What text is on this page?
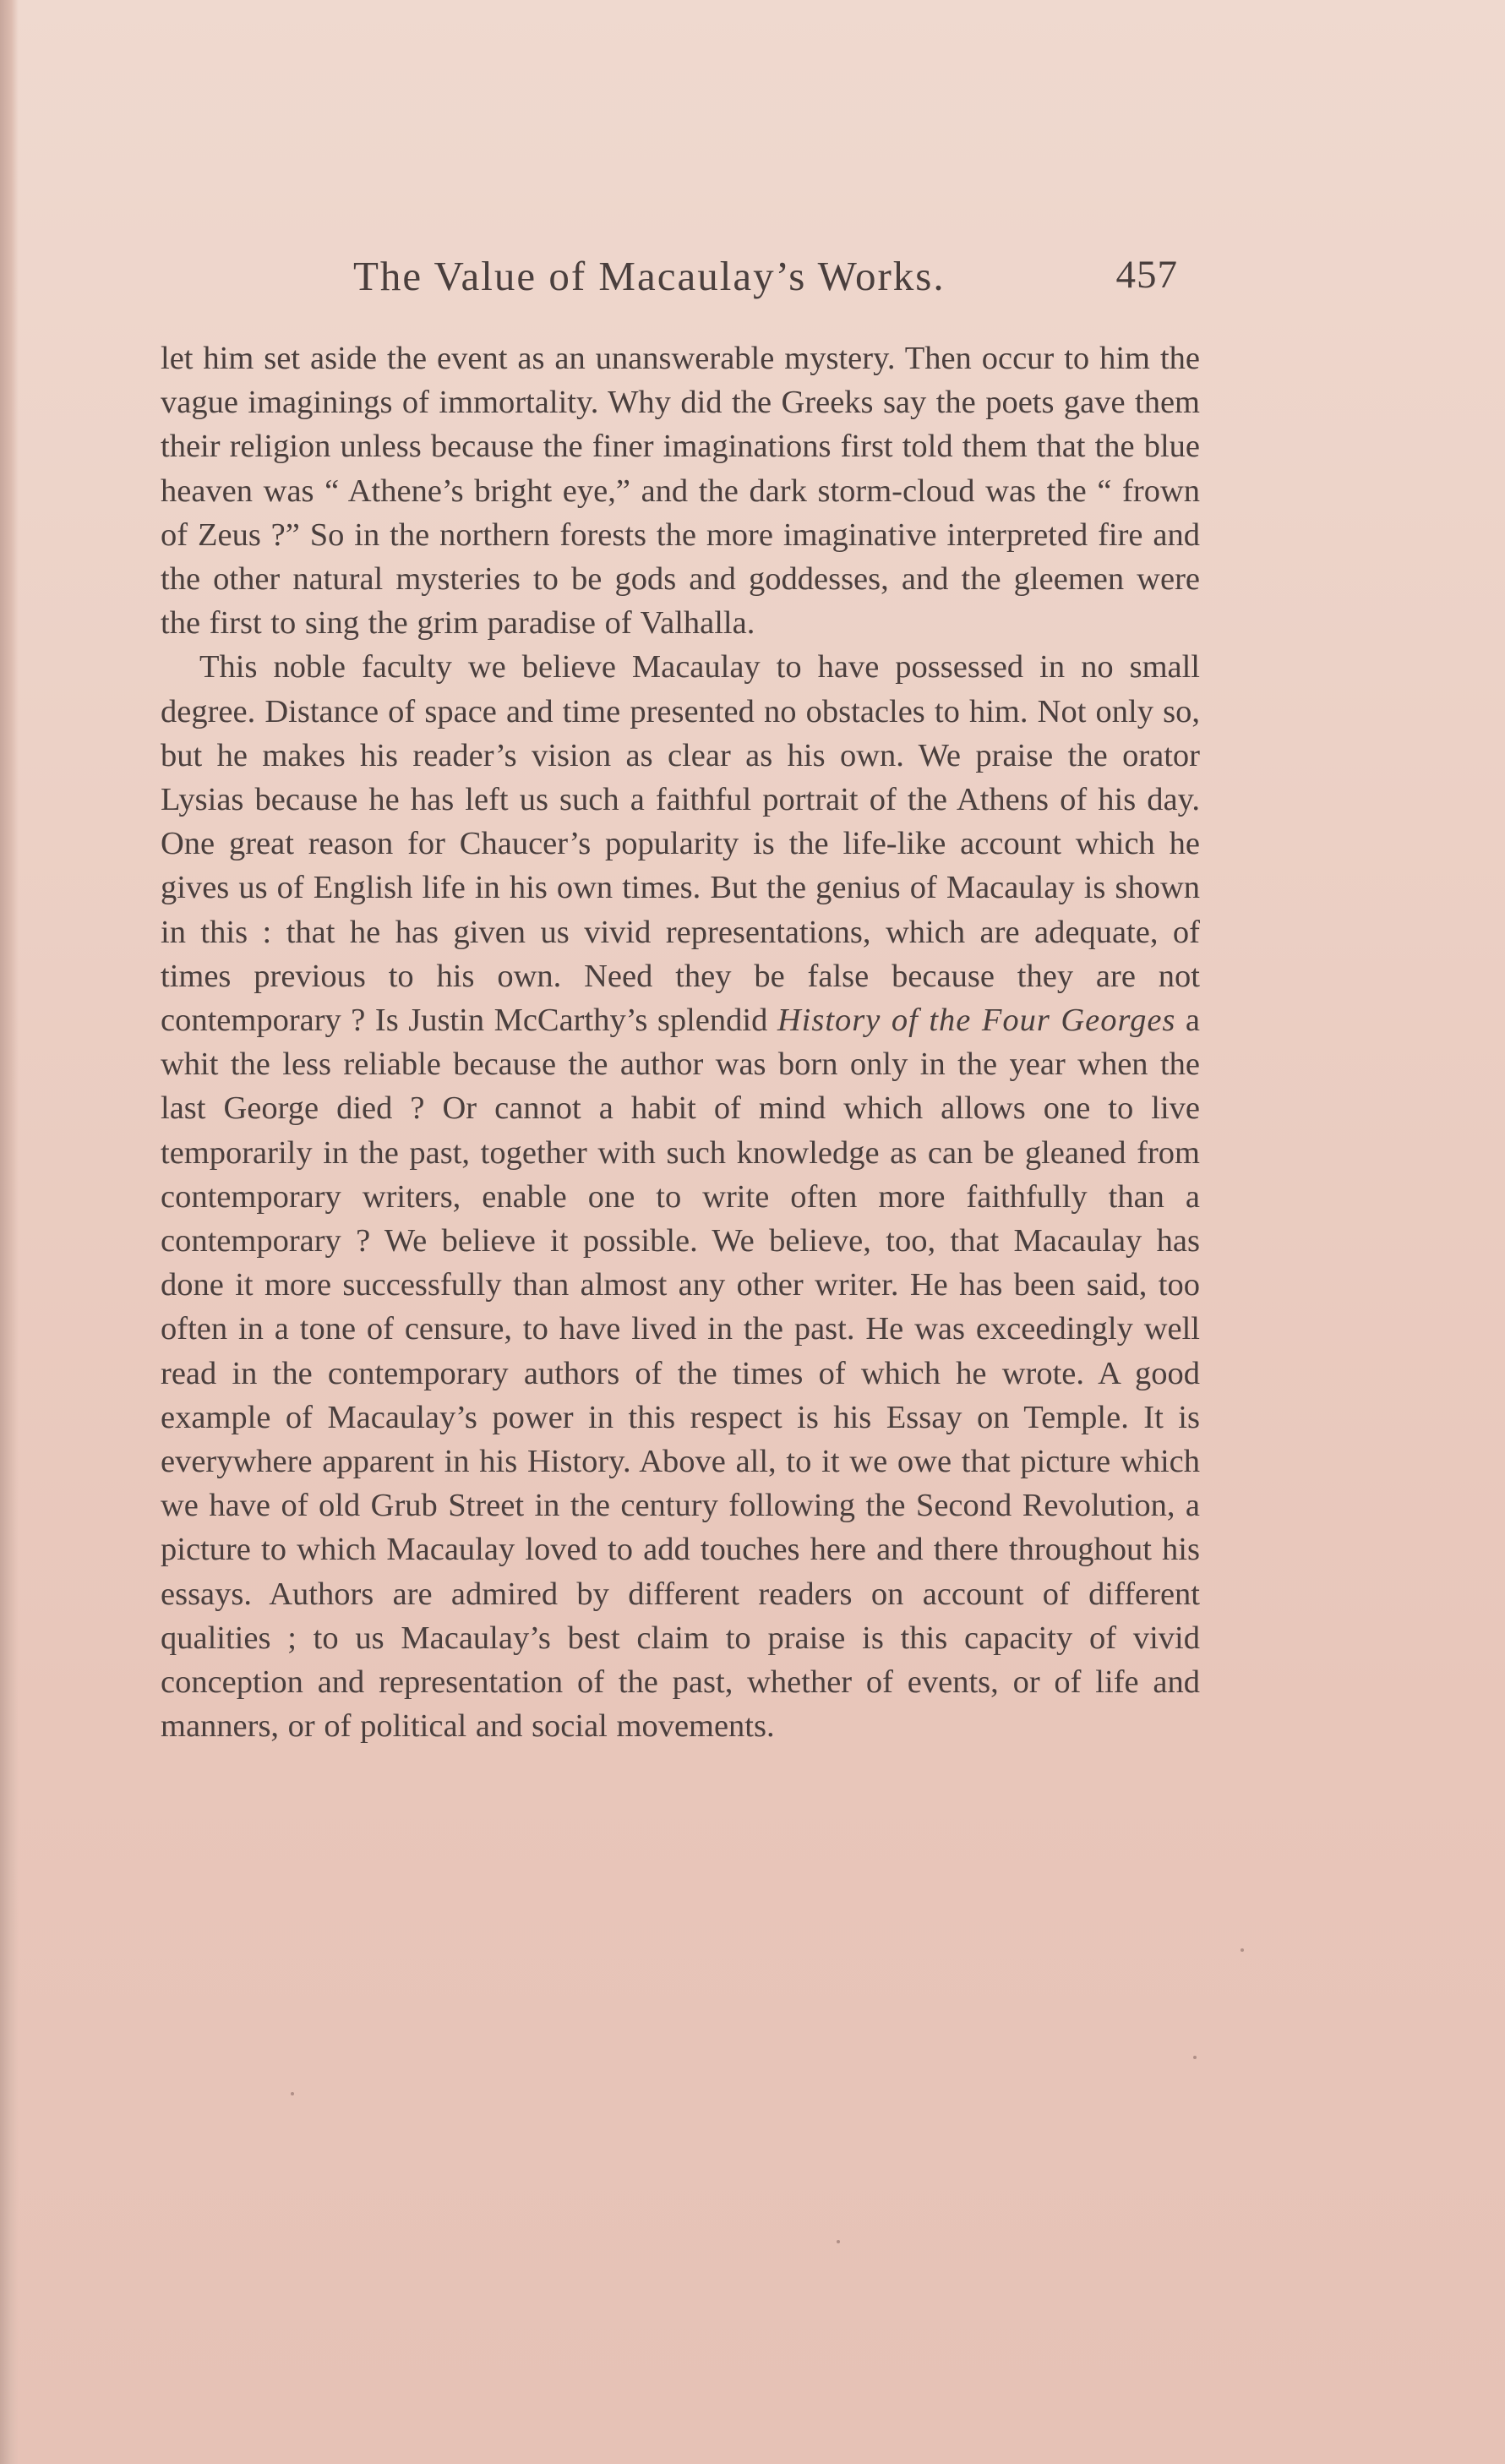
The Value of Macaulay’s Works.	457

let him set aside the event as an unanswerable mystery. Then occur to him the vague imaginings of immortality. Why did the Greeks say the poets gave them their religion unless because the finer imaginations first told them that the blue heaven was “ Athene’s bright eye,” and the dark storm-cloud was the “ frown of Zeus ?” So in the northern forests the more imaginative interpreted fire and the other natural mysteries to be gods and goddesses, and the gleemen were the first to sing the grim paradise of Valhalla.

This noble faculty we believe Macaulay to have possessed in no small degree. Distance of space and time presented no obstacles to him. Not only so, but he makes his reader’s vision as clear as his own. We praise the orator Lysias because he has left us such a faithful portrait of the Athens of his day. One great reason for Chaucer’s popularity is the life-like account which he gives us of English life in his own times. But the genius of Macaulay is shown in this : that he has given us vivid representations, which are adequate, of times previous to his own. Need they be false because they are not contemporary ? Is Justin McCarthy’s splendid History of the Four Georges a whit the less reliable because the author was born only in the year when the last George died ? Or cannot a habit of mind which allows one to live temporarily in the past, together with such knowledge as can be gleaned from contemporary writers, enable one to write often more faithfully than a contemporary ? We believe it possible. We believe, too, that Macaulay has done it more successfully than almost any other writer. He has been said, too often in a tone of censure, to have lived in the past. He was exceedingly well read in the contemporary authors of the times of which he wrote. A good example of Macaulay’s power in this respect is his Essay on Temple. It is everywhere apparent in his History. Above all, to it we owe that picture which we have of old Grub Street in the century following the Second Revolution, a picture to which Macaulay loved to add touches here and there throughout his essays. Authors are admired by different readers on account of different qualities ; to us Macaulay’s best claim to praise is this capacity of vivid conception and representation of the past, whether of events, or of life and manners, or of political and social movements.
